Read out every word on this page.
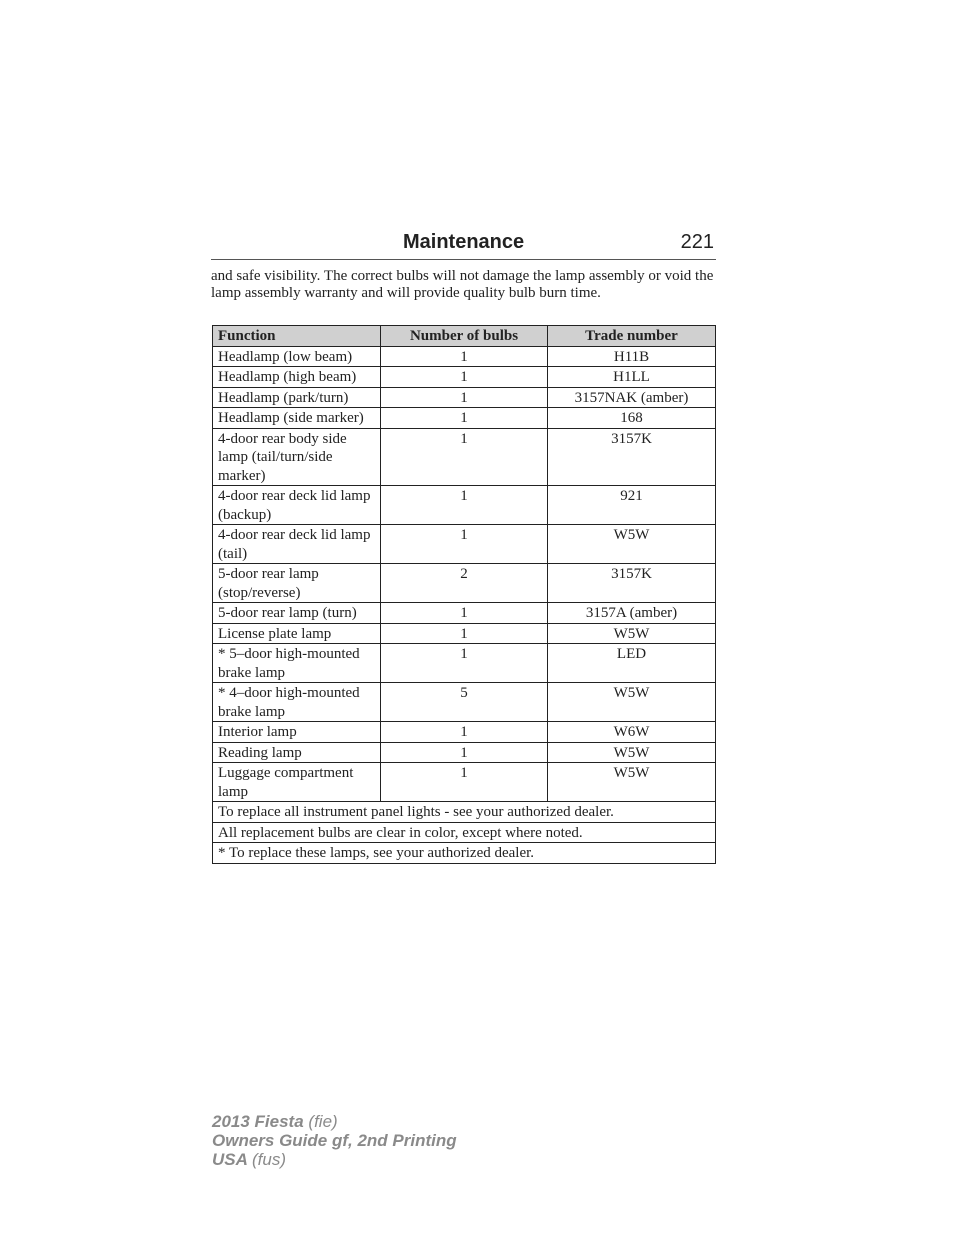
Maintenance	221
and safe visibility. The correct bulbs will not damage the lamp assembly or void the lamp assembly warranty and will provide quality bulb burn time.
Function	Number of bulbs	Trade number
Headlamp (low beam)	1	H11B
Headlamp (high beam)	1	H1LL
Headlamp (park/turn)	1	3157NAK (amber)
Headlamp (side marker)	1	168
4-door rear body side lamp (tail/turn/side marker)	1	3157K
4-door rear deck lid lamp (backup)	1	921
4-door rear deck lid lamp (tail)	1	W5W
5-door rear lamp (stop/reverse)	2	3157K
5-door rear lamp (turn)	1	3157A (amber)
License plate lamp	1	W5W
* 5–door high-mounted brake lamp	1	LED
* 4–door high-mounted brake lamp	5	W5W
Interior lamp	1	W6W
Reading lamp	1	W5W
Luggage compartment lamp	1	W5W
To replace all instrument panel lights - see your authorized dealer.		
All replacement bulbs are clear in color, except where noted.		
* To replace these lamps, see your authorized dealer.		
2013 Fiesta (fie)
Owners Guide gf, 2nd Printing
USA (fus)
